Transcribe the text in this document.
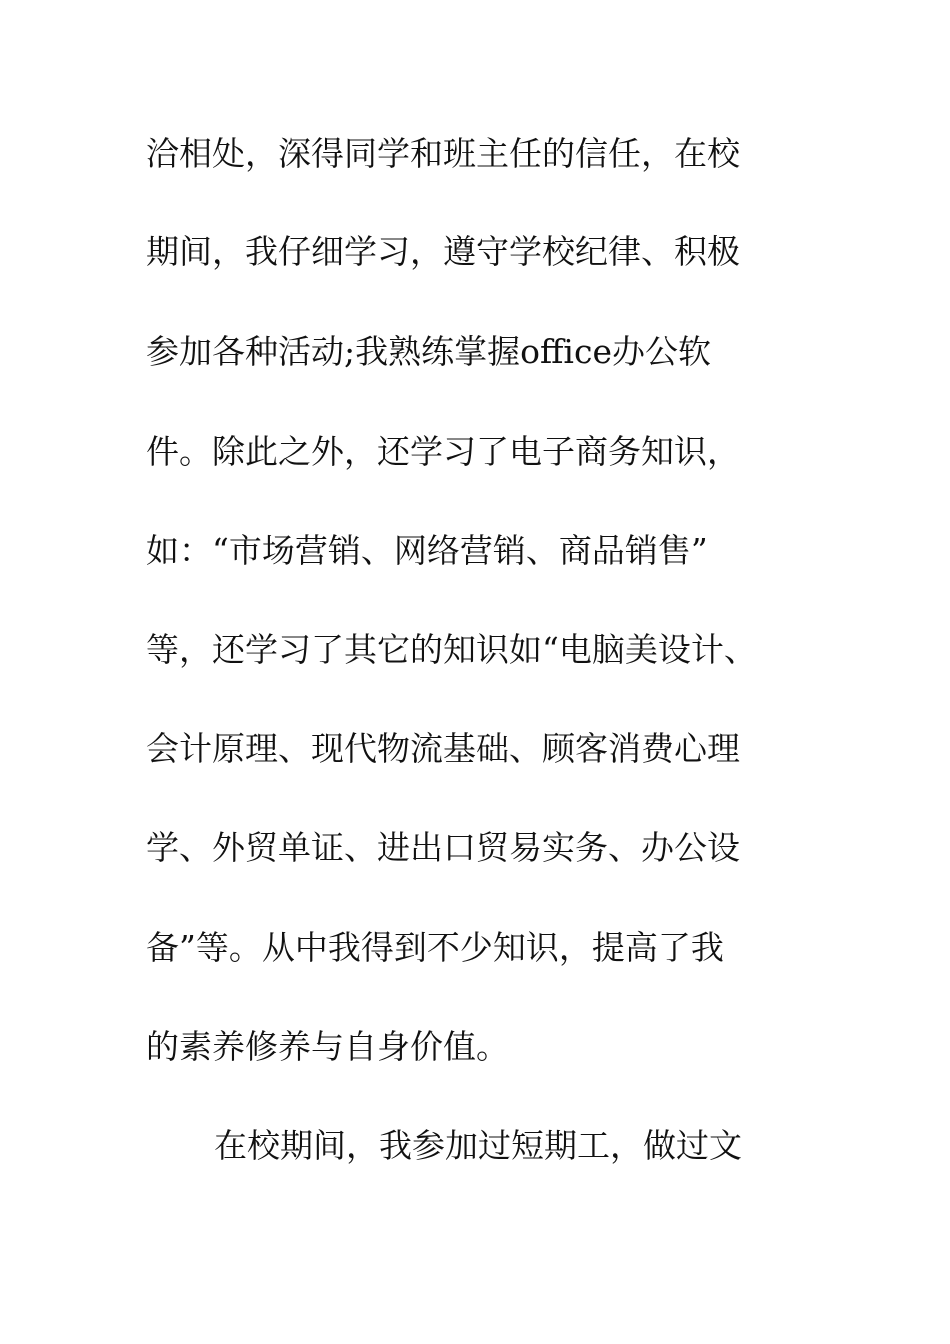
洽相处，深得同学和班主任的信任，在校
期间，我仔细学习，遵守学校纪律、积极
参加各种活动;我熟练掌握office办公软
件。除此之外，还学习了电子商务知识，
如：“市场营销、网络营销、商品销售”
等，还学习了其它的知识如“电脑美设计、
会计原理、现代物流基础、顾客消费心理
学、外贸单证、进出口贸易实务、办公设
备”等。从中我得到不少知识，提高了我
的素养修养与自身价值。
在校期间，我参加过短期工，做过文
